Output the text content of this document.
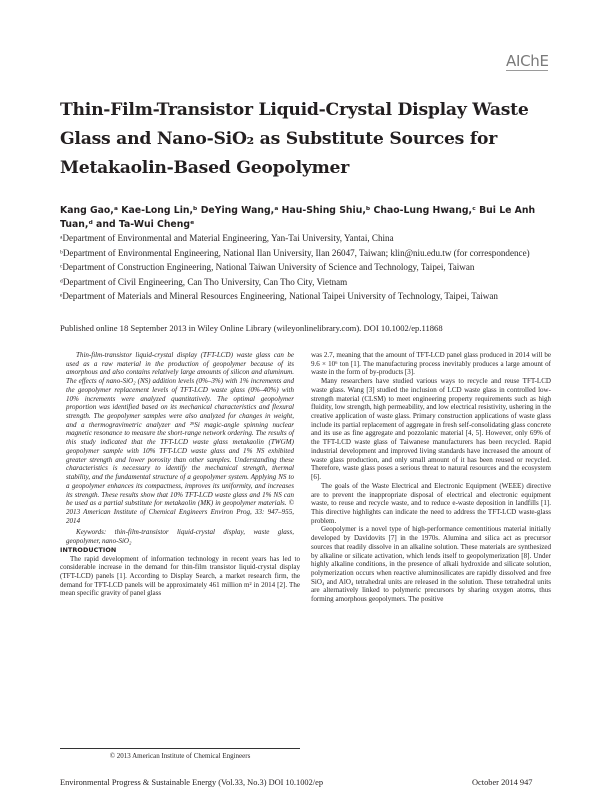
AIChE
Thin-Film-Transistor Liquid-Crystal Display Waste Glass and Nano-SiO₂ as Substitute Sources for Metakaolin-Based Geopolymer

Kang Gao,ᵃ Kae-Long Lin,ᵇ DeYing Wang,ᵃ Hau-Shing Shiu,ᵇ Chao-Lung Hwang,ᶜ Bui Le Anh Tuan,ᵈ and Ta-Wui Chengᵉ

ᵃDepartment of Environmental and Material Engineering, Yan-Tai University, Yantai, China

ᵇDepartment of Environmental Engineering, National Ilan University, Ilan 26047, Taiwan; klin@niu.edu.tw (for correspondence)

ᶜDepartment of Construction Engineering, National Taiwan University of Science and Technology, Taipei, Taiwan

ᵈDepartment of Civil Engineering, Can Tho University, Can Tho City, Vietnam

ᵉDepartment of Materials and Mineral Resources Engineering, National Taipei University of Technology, Taipei, Taiwan

Published online 18 September 2013 in Wiley Online Library (wileyonlinelibrary.com). DOI 10.1002/ep.11868

Thin-film-transistor liquid-crystal display (TFT-LCD) waste glass can be used as a raw material in the production of geopolymer because of its amorphous and also contains relatively large amounts of silicon and aluminum. The effects of nano-SiO₂ (NS) addition levels (0%–3%) with 1% increments and the geopolymer replacement levels of TFT-LCD waste glass (0%–40%) with 10% increments were analyzed quantitatively. The optimal geopolymer proportion was identified based on its mechanical characteristics and flexural strength. The geopolymer samples were also analyzed for changes in weight, and a thermogravimetric analyzer and ²⁹Si magic-angle spinning nuclear magnetic resonance to measure the short-range network ordering. The results of this study indicated that the TFT-LCD waste glass metakaolin (TWGM) geopolymer sample with 10% TFT-LCD waste glass and 1% NS exhibited greater strength and lower porosity than other samples. Understanding these characteristics is necessary to identify the mechanical strength, thermal stability, and the fundamental structure of a geopolymer system. Applying NS to a geopolymer enhances its compactness, improves its uniformity, and increases its strength. These results show that 10% TFT-LCD waste glass and 1% NS can be used as a partial substitute for metakaolin (MK) in geopolymer materials. © 2013 American Institute of Chemical Engineers Environ Prog, 33: 947–955, 2014

Keywords: thin-film-transistor liquid-crystal display, waste glass, geopolymer, nano-SiO₂

INTRODUCTION

The rapid development of information technology in recent years has led to considerable increase in the demand for thin-film transistor liquid-crystal display (TFT-LCD) panels [1]. According to Display Search, a market research firm, the demand for TFT-LCD panels will be approximately 461 million m² in 2014 [2]. The mean specific gravity of panel glass

was 2.7, meaning that the amount of TFT-LCD panel glass produced in 2014 will be 9.6 × 10⁶ ton [1]. The manufacturing process inevitably produces a large amount of waste in the form of by-products [3].

Many researchers have studied various ways to recycle and reuse TFT-LCD waste glass. Wang [3] studied the inclusion of LCD waste glass in controlled low-strength material (CLSM) to meet engineering property requirements such as high fluidity, low strength, high permeability, and low electrical resistivity, ushering in the creative application of waste glass. Primary construction applications of waste glass include its partial replacement of aggregate in fresh self-consolidating glass concrete and its use as fine aggregate and pozzolanic material [4, 5]. However, only 69% of the TFT-LCD waste glass of Taiwanese manufacturers has been recycled. Rapid industrial development and improved living standards have increased the amount of waste glass production, and only small amount of it has been reused or recycled. Therefore, waste glass poses a serious threat to natural resources and the ecosystem [6].

The goals of the Waste Electrical and Electronic Equipment (WEEE) directive are to prevent the inappropriate disposal of electrical and electronic equipment waste, to reuse and recycle waste, and to reduce e-waste deposition in landfills [1]. This directive highlights can indicate the need to address the TFT-LCD waste-glass problem.

Geopolymer is a novel type of high-performance cementitious material initially developed by Davidovits [7] in the 1970s. Alumina and silica act as precursor sources that readily dissolve in an alkaline solution. These materials are synthesized by alkaline or silicate activation, which lends itself to geopolymerization [8]. Under highly alkaline conditions, in the presence of alkali hydroxide and silicate solution, polymerization occurs when reactive aluminosilicates are rapidly dissolved and free SiO₄ and AlO₄ tetrahedral units are released in the solution. These tetrahedral units are alternatively linked to polymeric precursors by sharing oxygen atoms, thus forming amorphous geopolymers. The positive

© 2013 American Institute of Chemical Engineers

Environmental Progress & Sustainable Energy (Vol.33, No.3) DOI 10.1002/ep	October 2014 947
